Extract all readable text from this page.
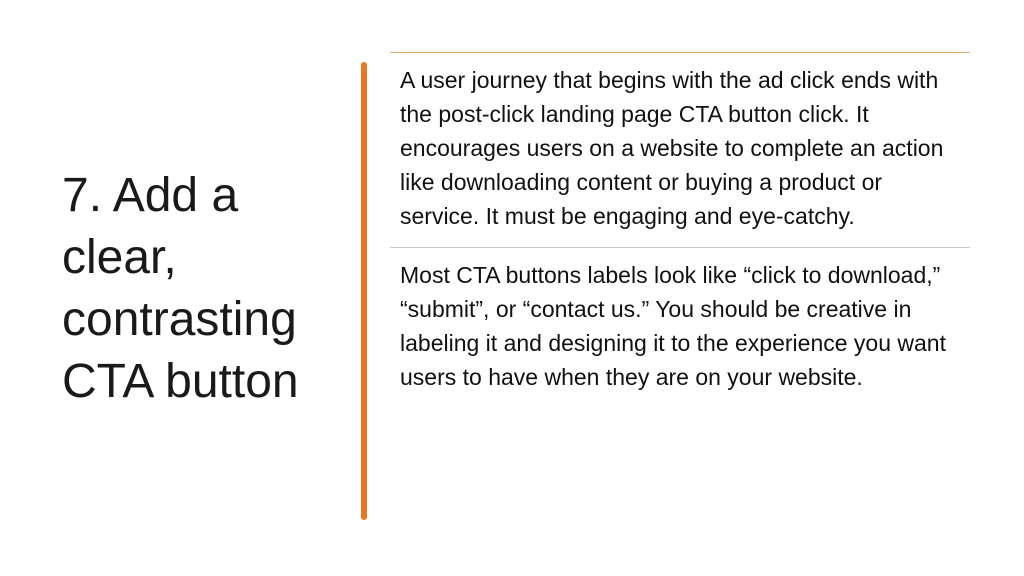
7. Add a clear, contrasting CTA button

A user journey that begins with the ad click ends with the post-click landing page CTA button click. It encourages users on a website to complete an action like downloading content or buying a product or service. It must be engaging and eye-catchy.

Most CTA buttons labels look like “click to download,” “submit”, or “contact us.” You should be creative in labeling it and designing it to the experience you want users to have when they are on your website.
